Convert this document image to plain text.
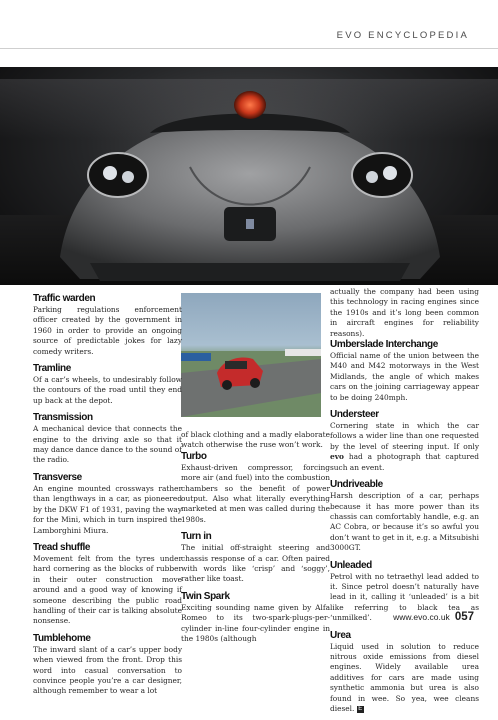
EVO ENCYCLOPEDIA
Traffic warden

Parking regulations enforcement officer created by the government in 1960 in order to provide an ongoing source of predictable jokes for lazy comedy writers.

Tramline

Of a car’s wheels, to undesirably follow the contours of the road until they end up back at the depot.

Transmission

A mechanical device that connects the engine to the driving axle so that it may dance dance dance to the sound of the radio.

Transverse

An engine mounted crossways rather than lengthways in a car, as pioneered by the DKW F1 of 1931, paving the way for the Mini, which in turn inspired the Lamborghini Miura.

Tread shuffle

Movement felt from the tyres under hard cornering as the blocks of rubber in their outer construction move around and a good way of knowing if someone describing the public road handling of their car is talking absolute nonsense.

Tumblehome

The inward slant of a car’s upper body when viewed from the front. Drop this word into casual conversation to convince people you’re a car designer, although remember to wear a lot

of black clothing and a madly elaborate watch otherwise the ruse won’t work.

Turbo

Exhaust-driven compressor, forcing more air (and fuel) into the combustion chambers so the benefit of power output. Also what literally everything marketed at men was called during the 1980s.

Turn in

The initial off-straight steering and chassis response of a car. Often paired with words like ‘crisp’ and ‘soggy’, rather like toast.

Twin Spark

Exciting sounding name given by Alfa Romeo to its two-spark-plugs-per-cylinder in-line four-cylinder engine in the 1980s (although

actually the company had been using this technology in racing engines since the 1910s and it’s long been common in aircraft engines for reliability reasons).

Umberslade Interchange

Official name of the union between the M40 and M42 motorways in the West Midlands, the angle of which makes cars on the joining carriageway appear to be doing 240mph.

Understeer

Cornering state in which the car follows a wider line than one requested by the level of steering input. If only evo had a photograph that captured such an event.

Undriveable

Harsh description of a car, perhaps because it has more power than its chassis can comfortably handle, e.g. an AC Cobra, or because it’s so awful you don’t want to get in it, e.g. a Mitsubishi 3000GT.

Unleaded

Petrol with no tetraethyl lead added to it. Since petrol doesn’t naturally have lead in it, calling it ‘unleaded’ is a bit like referring to black tea as ‘unmilked’.

Urea

Liquid used in solution to reduce nitrous oxide emissions from diesel engines. Widely available urea additives for cars are made using synthetic ammonia but urea is also found in wee. So yea, wee cleans diesel. E

www.evo.co.uk 057
